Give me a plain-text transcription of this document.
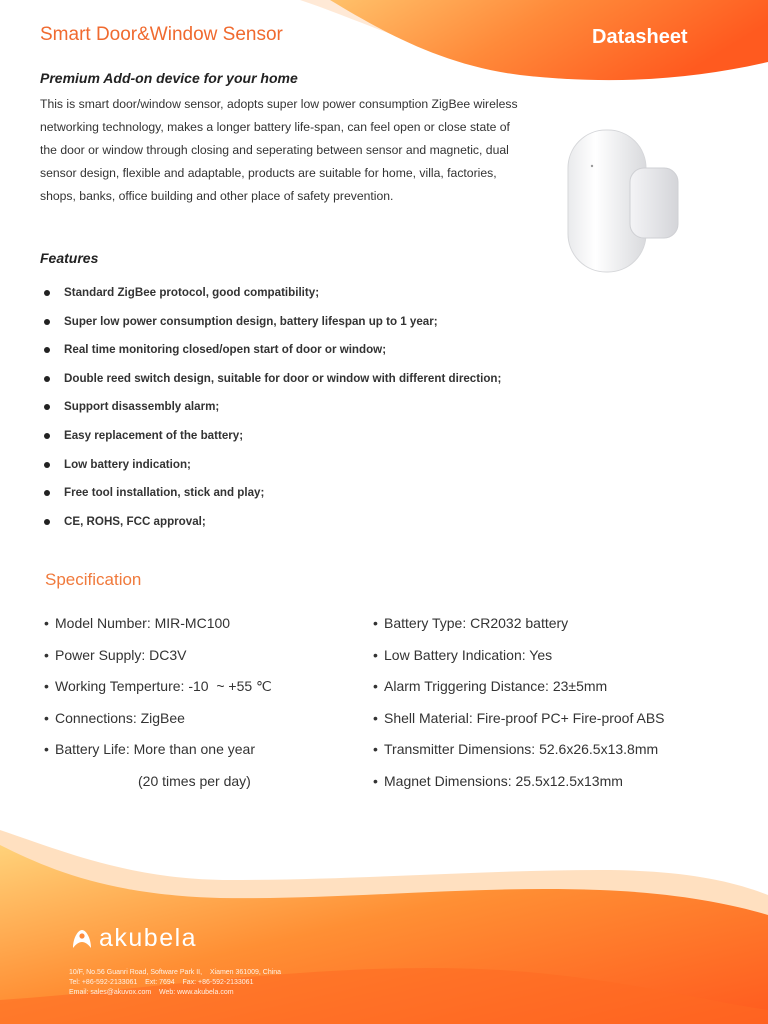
Smart Door&Window Sensor	Datasheet
Premium Add-on device for your home
This is smart door/window sensor, adopts super low power consumption ZigBee wireless networking technology, makes a longer battery life-span, can feel open or close state of the door or window through closing and seperating between sensor and magnetic, dual sensor design, flexible and adaptable, products are suitable for home, villa, factories, shops, banks, office building and other place of safety prevention.
Features
Standard ZigBee protocol, good compatibility;
Super low power consumption design, battery lifespan up to 1 year;
Real time monitoring closed/open start of door or window;
Double reed switch design, suitable for door or window with different direction;
Support disassembly alarm;
Easy replacement of the battery;
Low battery indication;
Free tool installation, stick and play;
CE, ROHS, FCC approval;
Specification
• Model Number: MIR-MC100
• Power Supply: DC3V
• Working Temperture: -10  ~ +55 ℃
• Connections: ZigBee
• Battery Life: More than one year
(20 times per day)
• Battery Type: CR2032 battery
• Low Battery Indication: Yes
• Alarm Triggering Distance: 23±5mm
• Shell Material: Fire-proof PC+ Fire-proof ABS
• Transmitter Dimensions: 52.6x26.5x13.8mm
• Magnet Dimensions: 25.5x12.5x13mm
akubela
10/F, No.56 Guanri Road, Software Park II,    Xiamen 361009, China
Tel: +86-592-2133061    Ext: 7694    Fax: +86-592-2133061
Email: sales@akuvox.com    Web: www.akubela.com
